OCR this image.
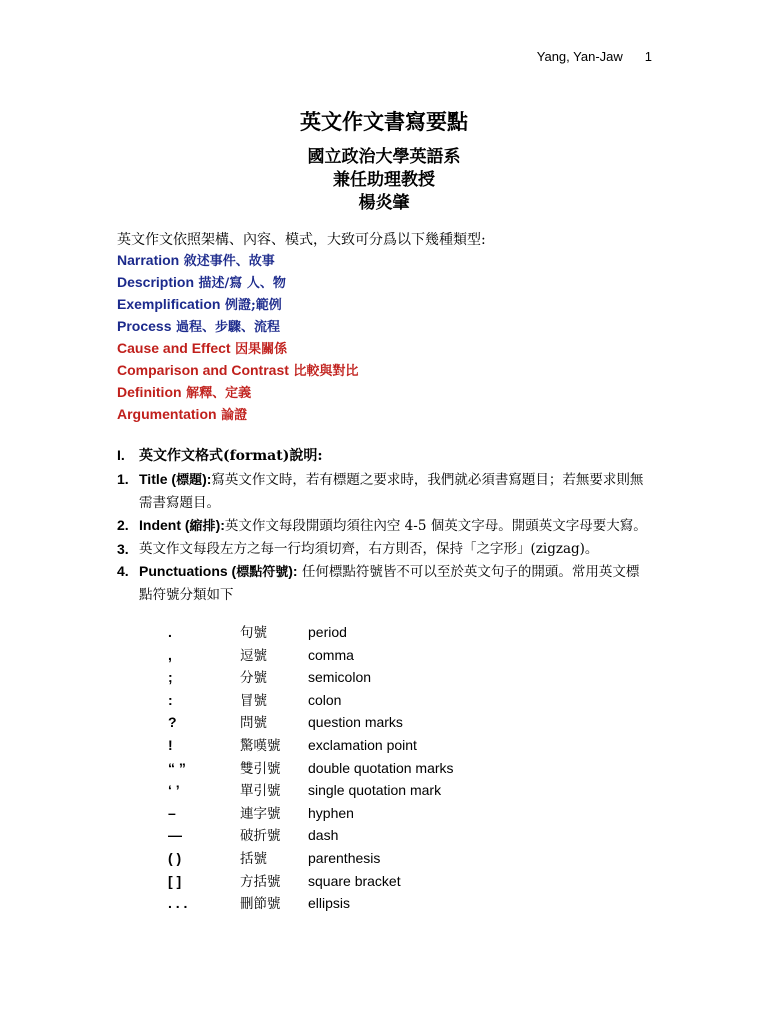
Yang, Yan-Jaw 1
英文作文書寫要點
國立政治大學英語系
兼任助理教授
楊炎肇
英文作文依照架構、內容、模式，大致可分爲以下幾種類型:
Narration 敘述事件、故事
Description 描述/寫 人、物
Exemplification 例證;範例
Process 過程、步驟、流程
Cause and Effect 因果關係
Comparison and Contrast 比較與對比
Definition 解釋、定義
Argumentation 論證
I. 英文作文格式(format)說明:
1. Title (標題):寫英文作文時，若有標題之要求時，我們就必須書寫題目；若無要求則無需書寫題目。
2. Indent (縮排):英文作文每段開頭均須往內空 4-5 個英文字母。開頭英文字母要大寫。
3. 英文作文每段左方之每一行均須切齊，右方則否，保持「之字形」(zigzag)。
4. Punctuations (標點符號): 任何標點符號皆不可以至於英文句子的開頭。常用英文標點符號分類如下
.	句號	period
,	逗號	comma
;	分號	semicolon
:	冒號	colon
?	問號	question marks
!	驚嘆號 exclamation point
“ ”	雙引號 double quotation marks
‘ ’	單引號 single quotation mark
–	連字號 hyphen
—	破折號 dash
( )	括號	parenthesis
[ ]	方括號 square bracket
. . .	刪節號 ellipsis
